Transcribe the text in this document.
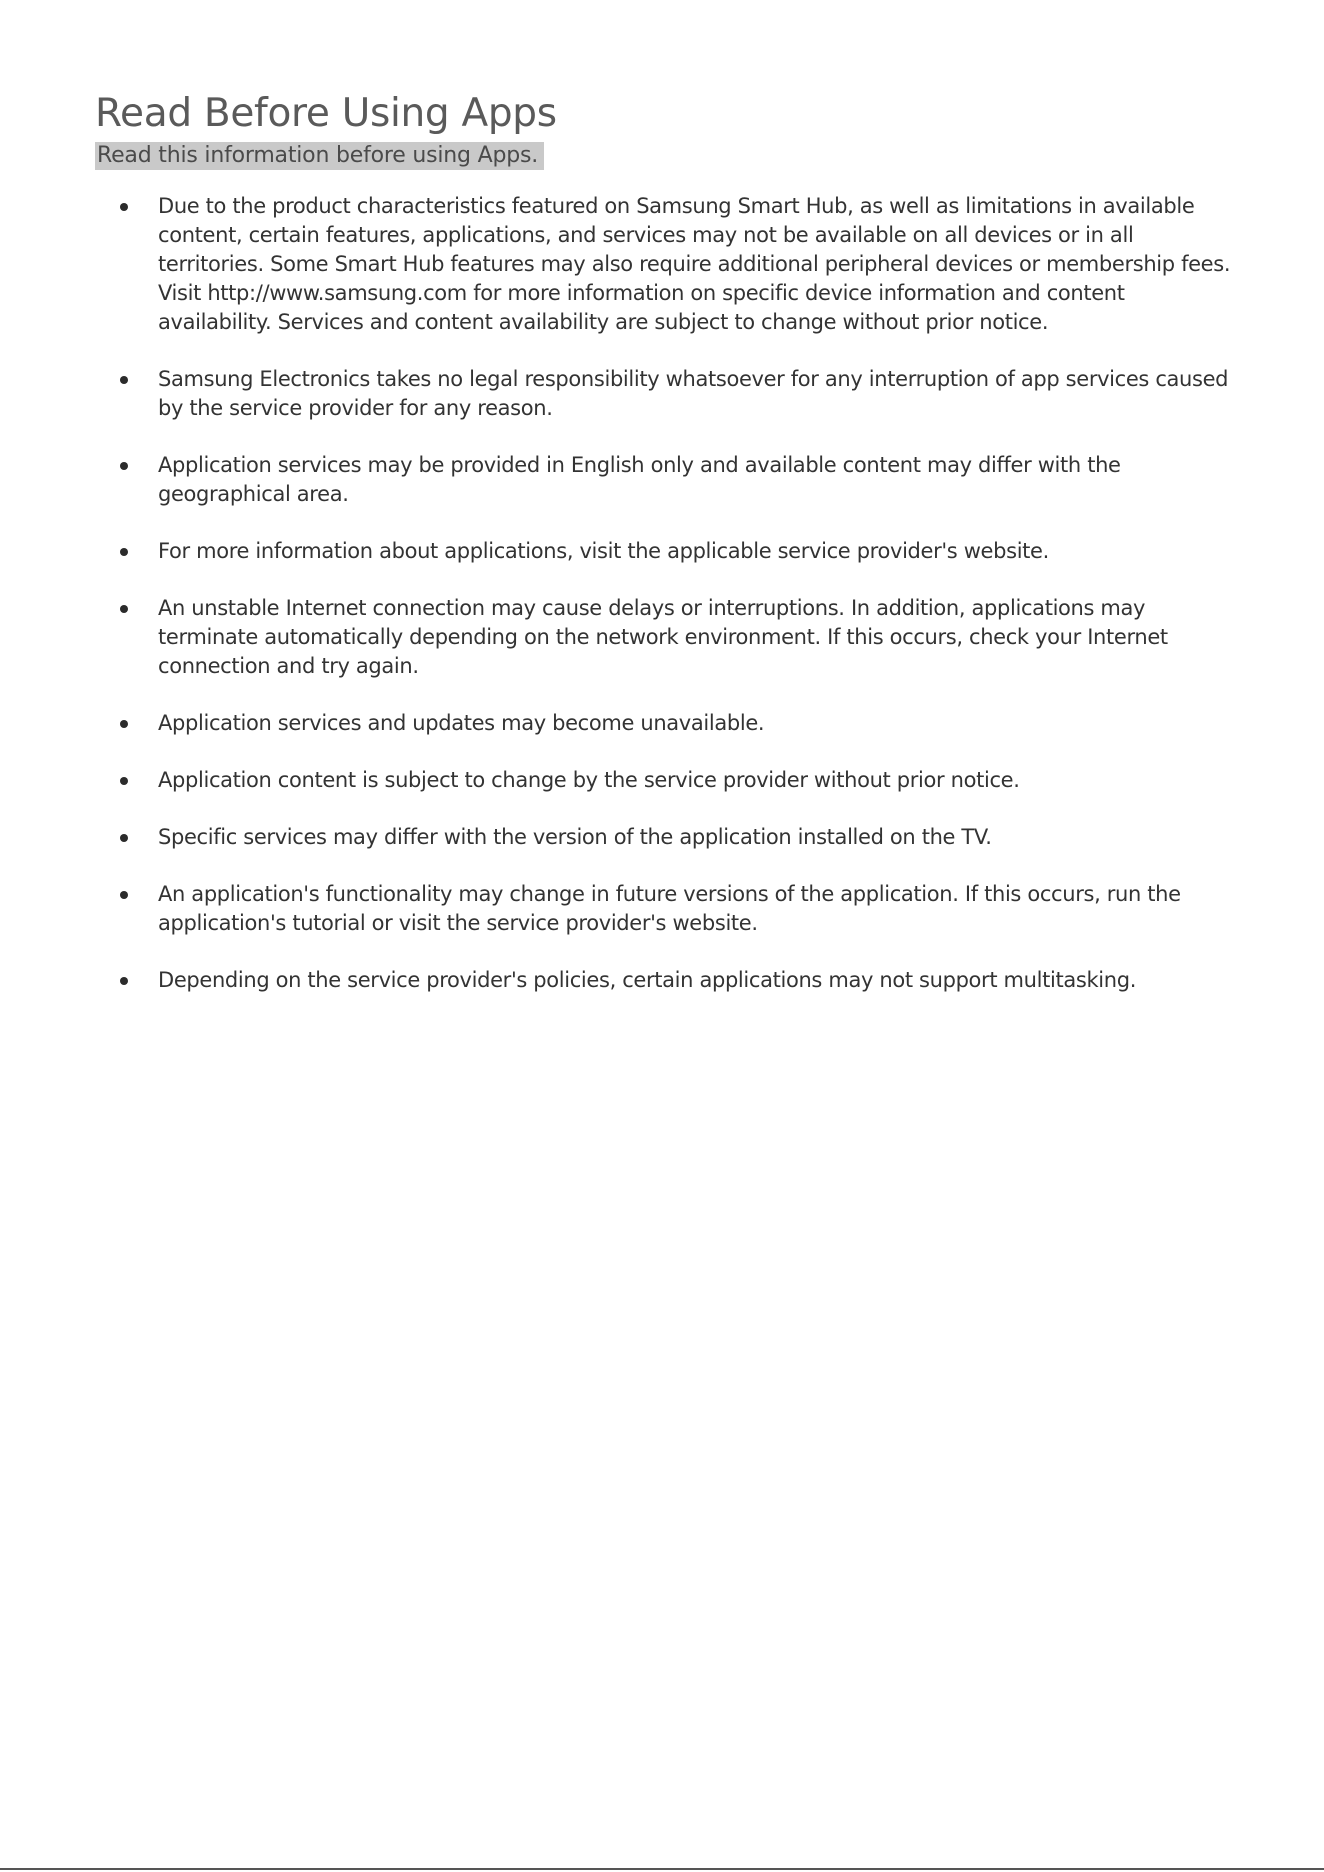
Read Before Using Apps
Read this information before using Apps.
Due to the product characteristics featured on Samsung Smart Hub, as well as limitations in available content, certain features, applications, and services may not be available on all devices or in all territories. Some Smart Hub features may also require additional peripheral devices or membership fees. Visit http://www.samsung.com for more information on specific device information and content availability. Services and content availability are subject to change without prior notice.
Samsung Electronics takes no legal responsibility whatsoever for any interruption of app services caused by the service provider for any reason.
Application services may be provided in English only and available content may differ with the geographical area.
For more information about applications, visit the applicable service provider's website.
An unstable Internet connection may cause delays or interruptions. In addition, applications may terminate automatically depending on the network environment. If this occurs, check your Internet connection and try again.
Application services and updates may become unavailable.
Application content is subject to change by the service provider without prior notice.
Specific services may differ with the version of the application installed on the TV.
An application's functionality may change in future versions of the application. If this occurs, run the application's tutorial or visit the service provider's website.
Depending on the service provider's policies, certain applications may not support multitasking.
